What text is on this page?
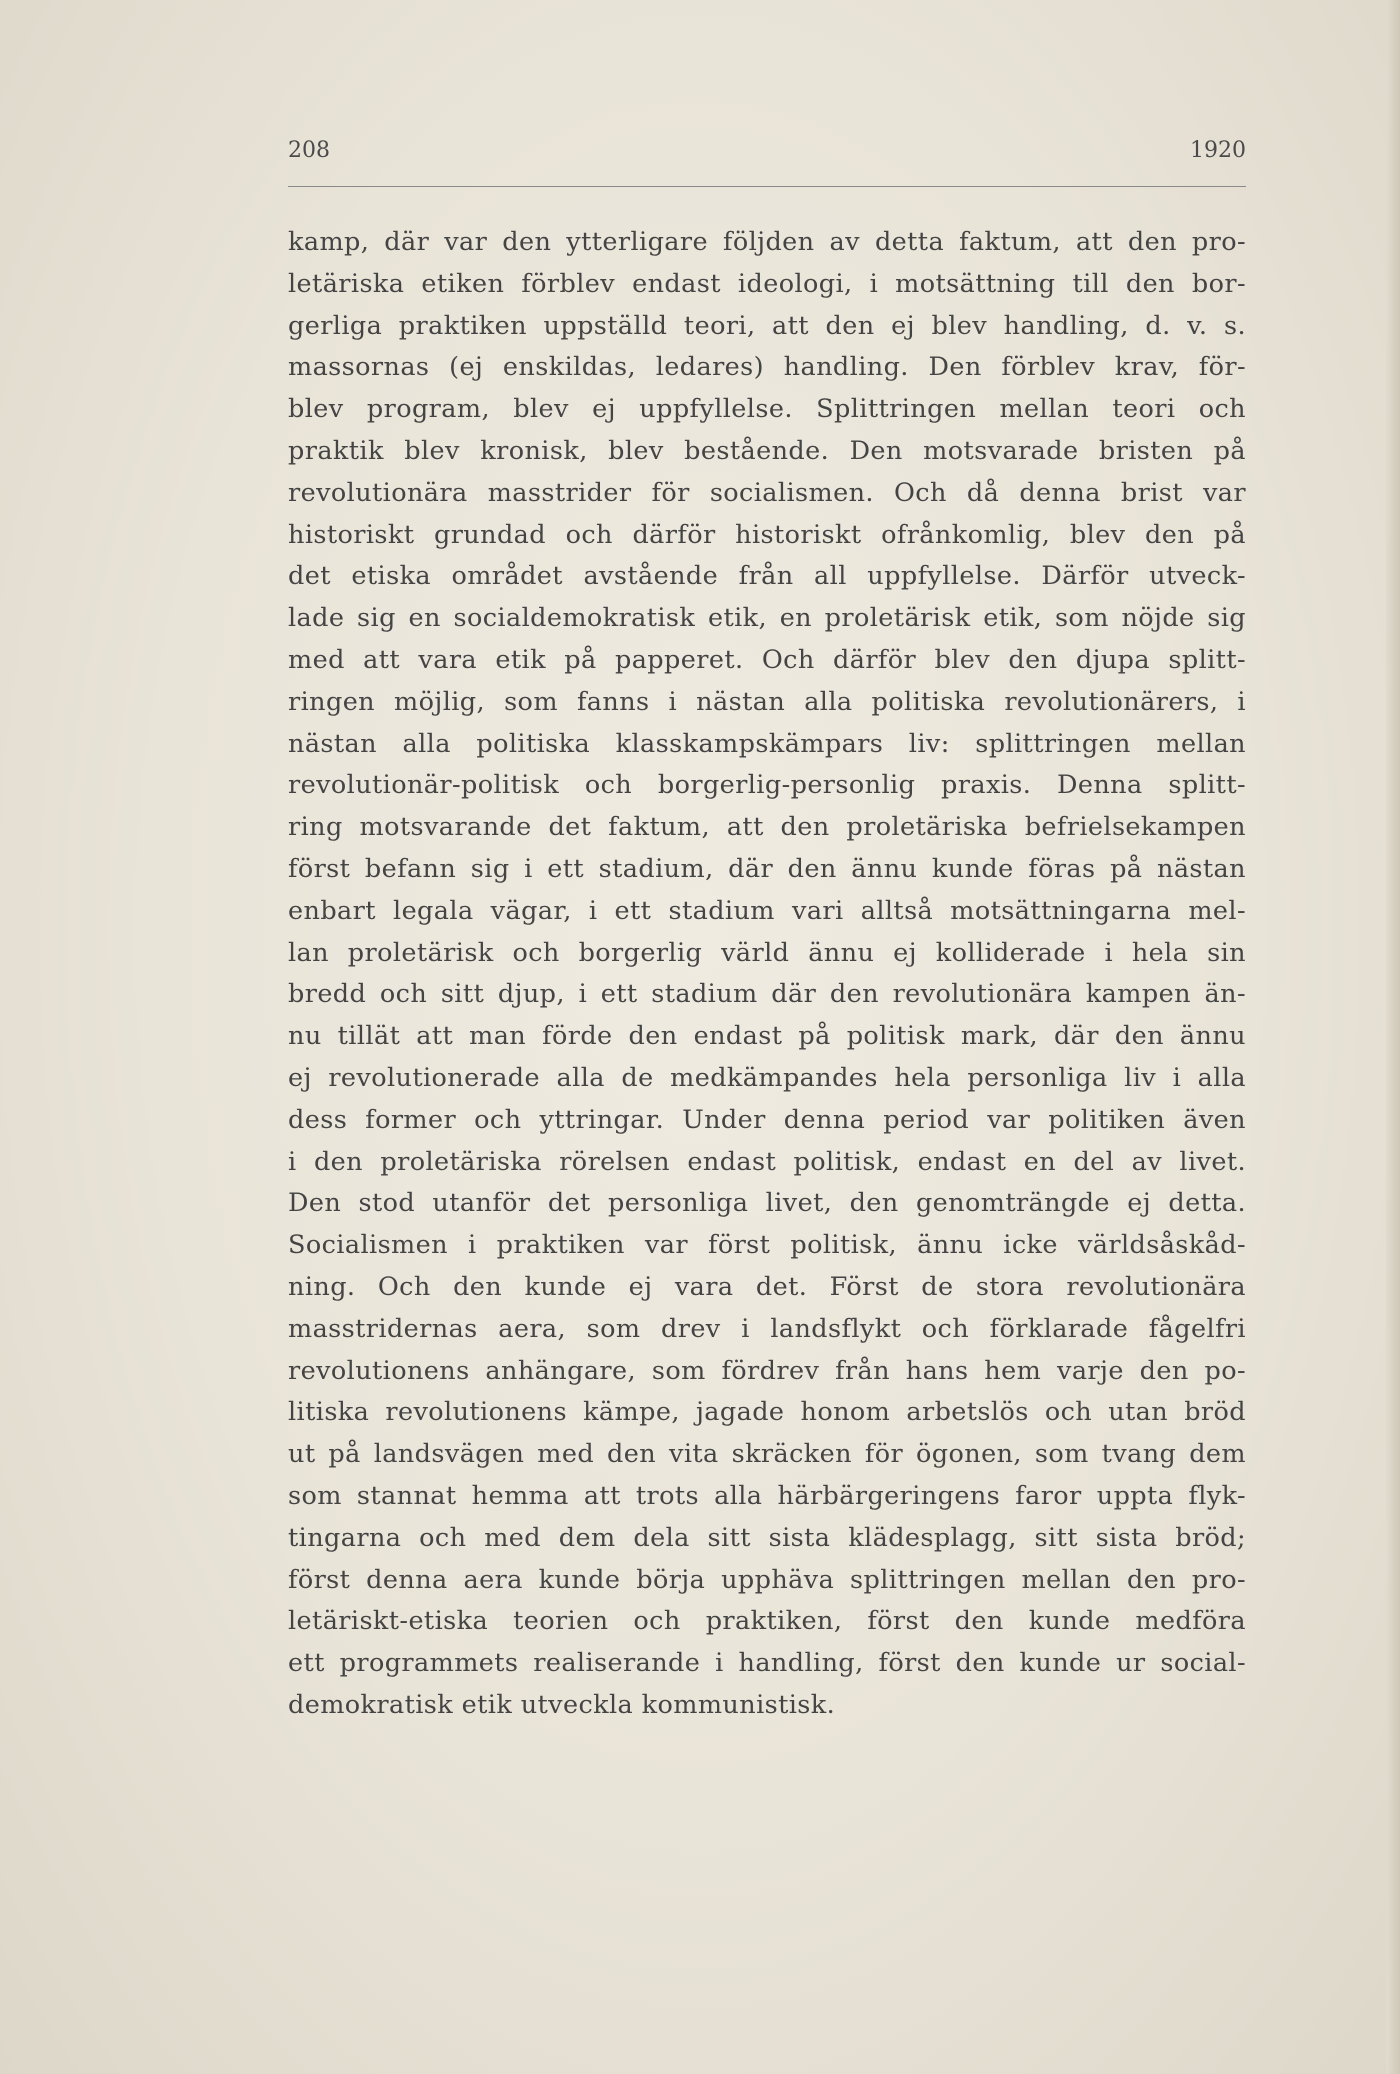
208	1920
kamp, där var den ytterligare följden av detta faktum, att den pro-
letäriska etiken förblev endast ideologi, i motsättning till den bor-
gerliga praktiken uppställd teori, att den ej blev handling, d. v. s.
massornas (ej enskildas, ledares) handling. Den förblev krav, för-
blev program, blev ej uppfyllelse. Splittringen mellan teori och
praktik blev kronisk, blev bestående. Den motsvarade bristen på
revolutionära masstrider för socialismen. Och då denna brist var
historiskt grundad och därför historiskt ofrånkomlig, blev den på
det etiska området avstående från all uppfyllelse. Därför utveck-
lade sig en socialdemokratisk etik, en proletärisk etik, som nöjde sig
med att vara etik på papperet. Och därför blev den djupa splitt-
ringen möjlig, som fanns i nästan alla politiska revolutionärers, i
nästan alla politiska klasskampskämpars liv: splittringen mellan
revolutionär-politisk och borgerlig-personlig praxis. Denna splitt-
ring motsvarande det faktum, att den proletäriska befrielsekampen
först befann sig i ett stadium, där den ännu kunde föras på nästan
enbart legala vägar, i ett stadium vari alltså motsättningarna mel-
lan proletärisk och borgerlig värld ännu ej kolliderade i hela sin
bredd och sitt djup, i ett stadium där den revolutionära kampen än-
nu tillät att man förde den endast på politisk mark, där den ännu
ej revolutionerade alla de medkämpandes hela personliga liv i alla
dess former och yttringar. Under denna period var politiken även
i den proletäriska rörelsen endast politisk, endast en del av livet.
Den stod utanför det personliga livet, den genomträngde ej detta.
Socialismen i praktiken var först politisk, ännu icke världsåskåd-
ning. Och den kunde ej vara det. Först de stora revolutionära
masstridernas aera, som drev i landsflykt och förklarade fågelfri
revolutionens anhängare, som fördrev från hans hem varje den po-
litiska revolutionens kämpe, jagade honom arbetslös och utan bröd
ut på landsvägen med den vita skräcken för ögonen, som tvang dem
som stannat hemma att trots alla härbärgeringens faror uppta flyk-
tingarna och med dem dela sitt sista klädesplagg, sitt sista bröd;
först denna aera kunde börja upphäva splittringen mellan den pro-
letäriskt-etiska teorien och praktiken, först den kunde medföra
ett programmets realiserande i handling, först den kunde ur social-
demokratisk etik utveckla kommunistisk.
